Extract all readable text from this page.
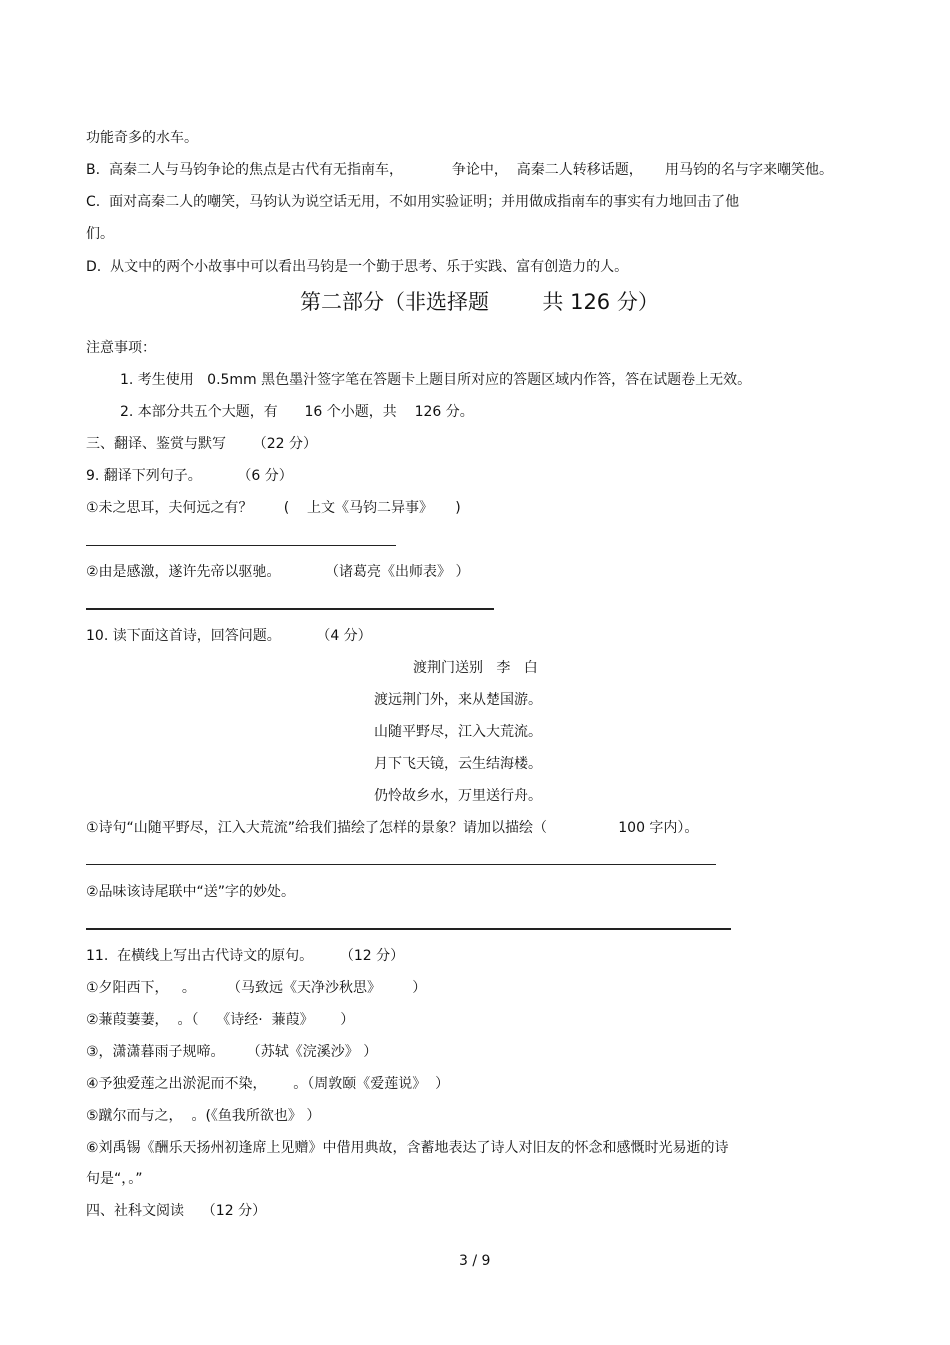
功能奇多的水车。
B.  高秦二人与马钧争论的焦点是古代有无指南车，           争论中，  高秦二人转移话题，     用马钧的名与字来嘲笑他。
C.  面对高秦二人的嘲笑，马钧认为说空话无用，不如用实验证明；并用做成指南车的事实有力地回击了他
们。
D.  从文中的两个小故事中可以看出马钧是一个勤于思考、乐于实践、富有创造力的人。
第二部分（非选择题        共 126 分）
注意事项：
1. 考生使用   0.5mm 黑色墨汁签字笔在答题卡上题目所对应的答题区域内作答，答在试题卷上无效。
2. 本部分共五个大题，有      16 个小题，共    126 分。
三、翻译、鉴赏与默写      （22 分）
9. 翻译下列句子。        （6 分）
①未之思耳，夫何远之有？       (    上文《马钧二异事》     )
②由是感激，遂许先帝以驱驰。          （诸葛亮《出师表》 ）
10. 读下面这首诗，回答问题。        （4 分）
渡荆门送别   李   白
渡远荆门外，来从楚国游。
山随平野尽，江入大荒流。
月下飞天镜，云生结海楼。
仍怜故乡水，万里送行舟。
①诗句“山随平野尽，江入大荒流”给我们描绘了怎样的景象？请加以描绘（                100 字内）。
②品味该诗尾联中“送”字的妙处。
11.  在横线上写出古代诗文的原句。      （12 分）
①夕阳西下，   。       （马致远《天净沙秋思》       ）
②蒹葭萋萋，  。（    《诗经·  蒹葭》      ）
③，潇潇暮雨子规啼。     （苏轼《浣溪沙》 ）
④予独爱莲之出淤泥而不染，      。（周敦颐《爱莲说》  ）
⑤蹴尔而与之，  。(《鱼我所欲也》 ）
⑥刘禹锡《酬乐天扬州初逢席上见赠》中借用典故，含蓄地表达了诗人对旧友的怀念和感慨时光易逝的诗
句是“，。”
四、社科文阅读    （12 分）
3 / 9
